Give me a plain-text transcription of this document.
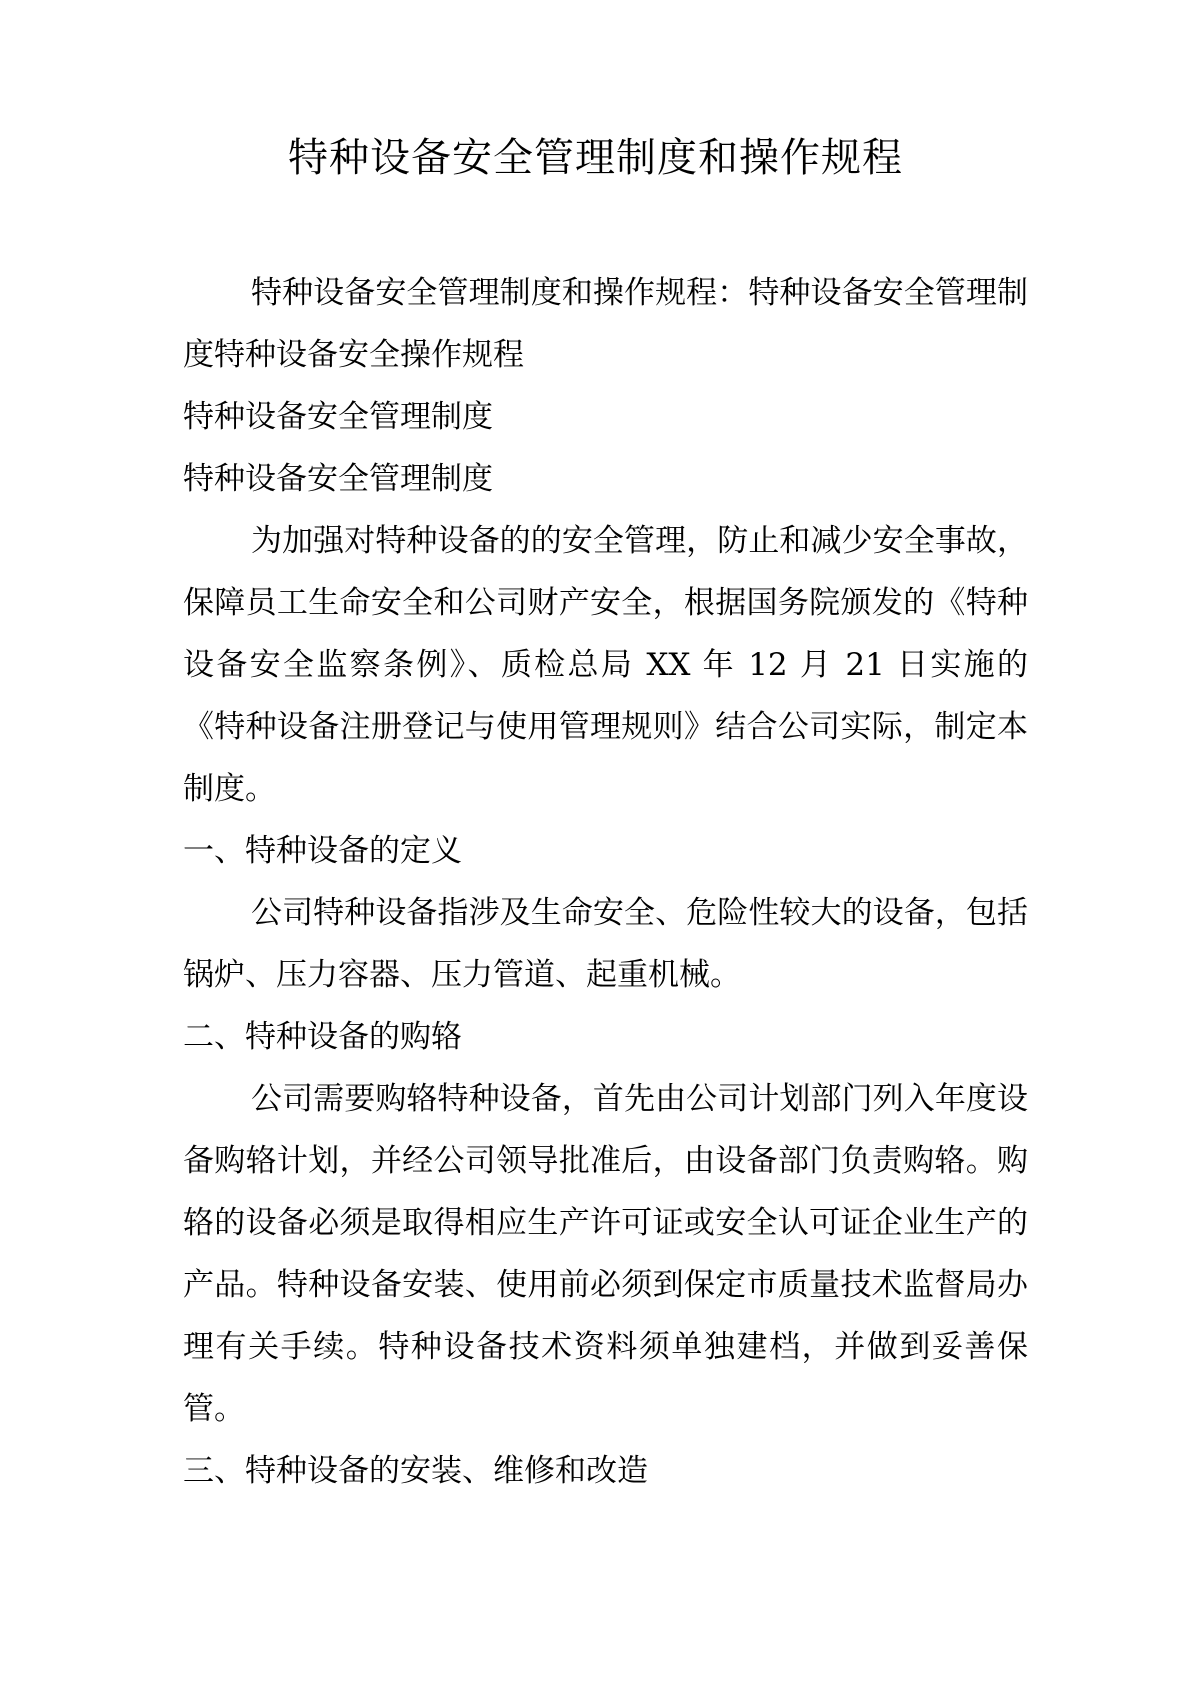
特种设备安全管理制度和操作规程

特种设备安全管理制度和操作规程：特种设备安全管理制度特种设备安全操作规程

特种设备安全管理制度

特种设备安全管理制度

为加强对特种设备的的安全管理，防止和减少安全事故，保障员工生命安全和公司财产安全，根据国务院颁发的《特种设备安全监察条例》、质检总局 XX 年 12 月 21 日实施的《特种设备注册登记与使用管理规则》结合公司实际，制定本制度。

一、特种设备的定义

公司特种设备指涉及生命安全、危险性较大的设备，包括锅炉、压力容器、压力管道、起重机械。

二、特种设备的购辂

公司需要购辂特种设备，首先由公司计划部门列入年度设备购辂计划，并经公司领导批准后，由设备部门负责购辂。购辂的设备必须是取得相应生产许可证或安全认可证企业生产的产品。特种设备安装、使用前必须到保定市质量技术监督局办理有关手续。特种设备技术资料须单独建档，并做到妥善保管。

三、特种设备的安装、维修和改造
